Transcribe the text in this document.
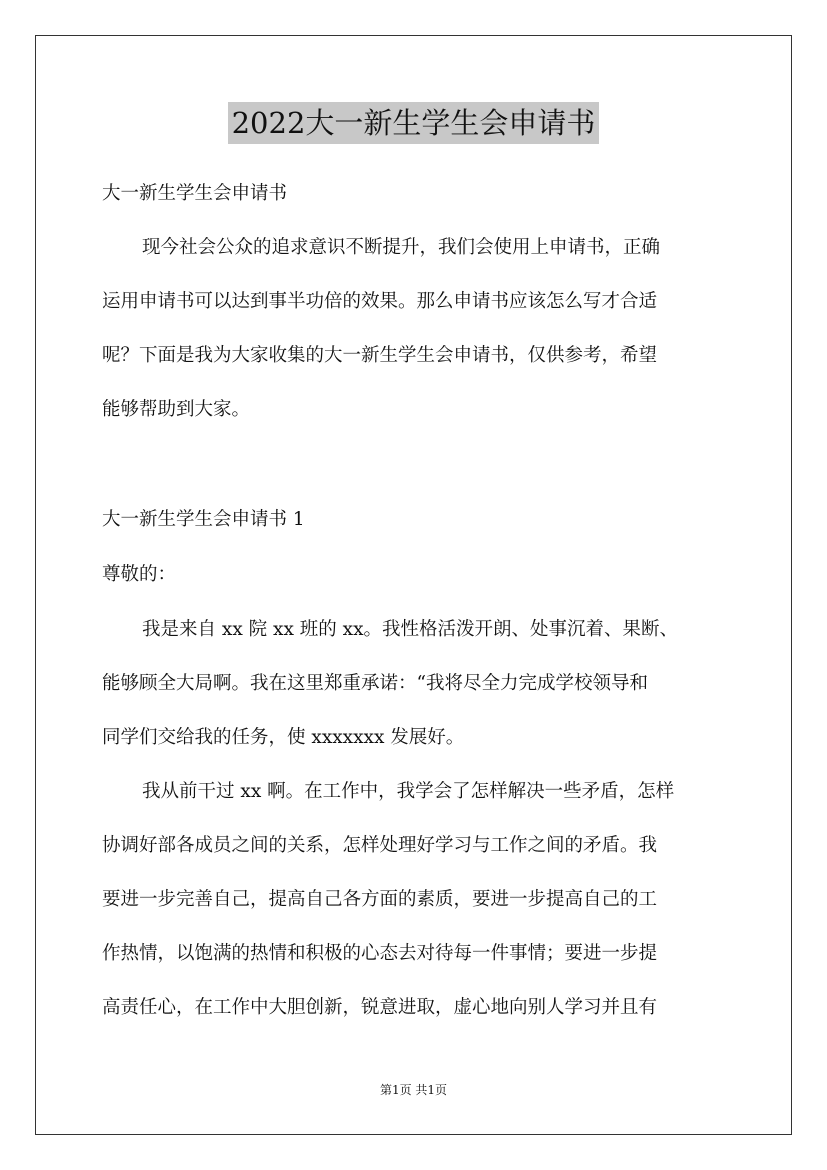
2022大一新生学生会申请书
大一新生学生会申请书
现今社会公众的追求意识不断提升，我们会使用上申请书，正确
运用申请书可以达到事半功倍的效果。那么申请书应该怎么写才合适
呢？下面是我为大家收集的大一新生学生会申请书，仅供参考，希望
能够帮助到大家。
大一新生学生会申请书 1
尊敬的：
我是来自 xx 院 xx 班的 xx。我性格活泼开朗、处事沉着、果断、
能够顾全大局啊。我在这里郑重承诺：“我将尽全力完成学校领导和
同学们交给我的任务，使 xxxxxxx 发展好。
我从前干过 xx 啊。在工作中，我学会了怎样解决一些矛盾，怎样
协调好部各成员之间的关系，怎样处理好学习与工作之间的矛盾。我
要进一步完善自己，提高自己各方面的素质，要进一步提高自己的工
作热情，以饱满的热情和积极的心态去对待每一件事情；要进一步提
高责任心，在工作中大胆创新，锐意进取，虚心地向别人学习并且有
第1页 共1页
